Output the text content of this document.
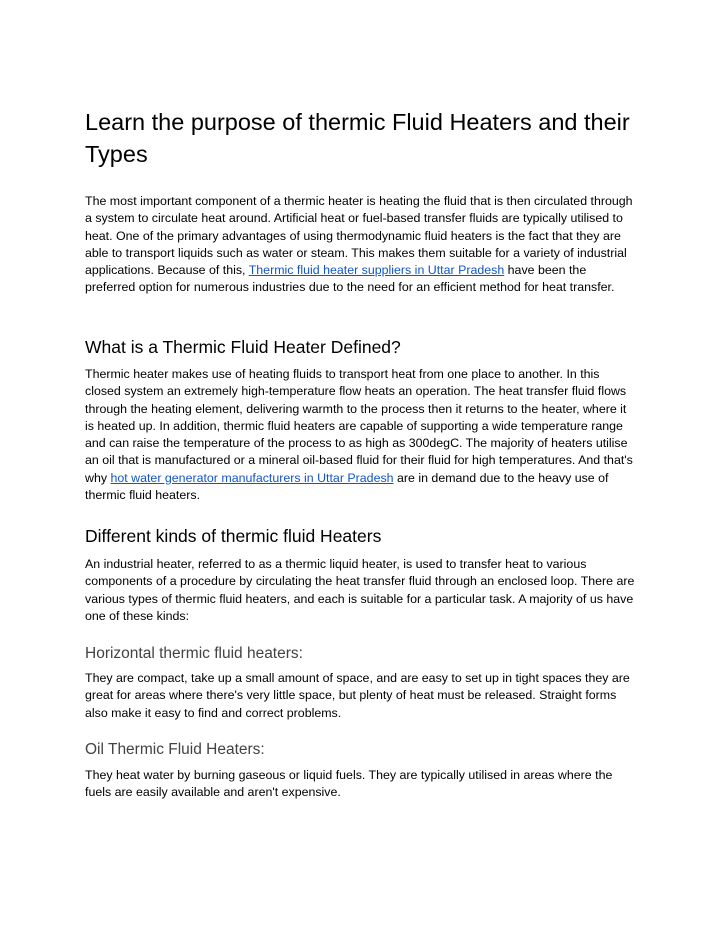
Learn the purpose of thermic Fluid Heaters and their Types

The most important component of a thermic heater is heating the fluid that is then circulated through a system to circulate heat around. Artificial heat or fuel-based transfer fluids are typically utilised to heat. One of the primary advantages of using thermodynamic fluid heaters is the fact that they are able to transport liquids such as water or steam. This makes them suitable for a variety of industrial applications. Because of this, Thermic fluid heater suppliers in Uttar Pradesh have been the preferred option for numerous industries due to the need for an efficient method for heat transfer.

What is a Thermic Fluid Heater Defined?

Thermic heater makes use of heating fluids to transport heat from one place to another. In this closed system an extremely high-temperature flow heats an operation. The heat transfer fluid flows through the heating element, delivering warmth to the process then it returns to the heater, where it is heated up. In addition, thermic fluid heaters are capable of supporting a wide temperature range and can raise the temperature of the process to as high as 300degC. The majority of heaters utilise an oil that is manufactured or a mineral oil-based fluid for their fluid for high temperatures. And that's why hot water generator manufacturers in Uttar Pradesh are in demand due to the heavy use of thermic fluid heaters.

Different kinds of thermic fluid Heaters

An industrial heater, referred to as a thermic liquid heater, is used to transfer heat to various components of a procedure by circulating the heat transfer fluid through an enclosed loop. There are various types of thermic fluid heaters, and each is suitable for a particular task. A majority of us have one of these kinds:

Horizontal thermic fluid heaters:

They are compact, take up a small amount of space, and are easy to set up in tight spaces they are great for areas where there's very little space, but plenty of heat must be released. Straight forms also make it easy to find and correct problems.

Oil Thermic Fluid Heaters:

They heat water by burning gaseous or liquid fuels. They are typically utilised in areas where the fuels are easily available and aren't expensive.
